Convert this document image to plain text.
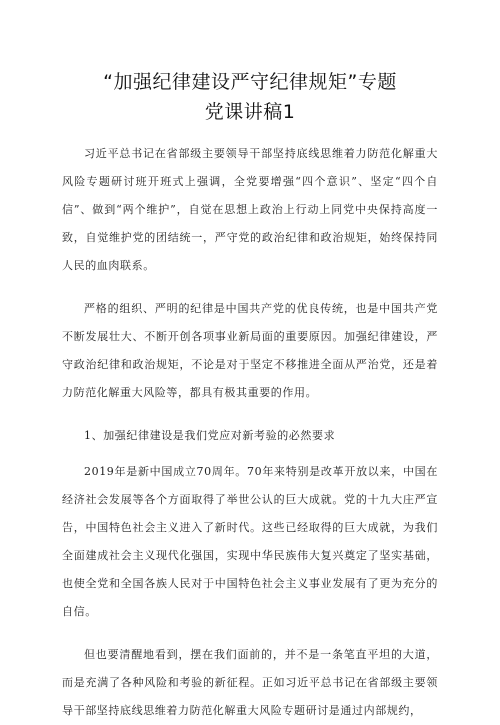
“加强纪律建设严守纪律规矩”专题
党课讲稿1

习近平总书记在省部级主要领导干部坚持底线思维着力防范化解重大风险专题研讨班开班式上强调，全党要增强“四个意识”、坚定“四个自信”、做到“两个维护”，自觉在思想上政治上行动上同党中央保持高度一致，自觉维护党的团结统一，严守党的政治纪律和政治规矩，始终保持同人民的血肉联系。

严格的组织、严明的纪律是中国共产党的优良传统，也是中国共产党不断发展壮大、不断开创各项事业新局面的重要原因。加强纪律建设，严守政治纪律和政治规矩，不论是对于坚定不移推进全面从严治党，还是着力防范化解重大风险等，都具有极其重要的作用。

1、加强纪律建设是我们党应对新考验的必然要求

2019年是新中国成立70周年。70年来特别是改革开放以来，中国在经济社会发展等各个方面取得了举世公认的巨大成就。党的十九大庄严宣告，中国特色社会主义进入了新时代。这些已经取得的巨大成就，为我们全面建成社会主义现代化强国，实现中华民族伟大复兴奠定了坚实基础，也使全党和全国各族人民对于中国特色社会主义事业发展有了更为充分的自信。

但也要清醒地看到，摆在我们面前的，并不是一条笔直平坦的大道，而是充满了各种风险和考验的新征程。正如习近平总书记在省部级主要领导干部坚持底线思维着力防范化解重大风险专题研讨是通过内部规约，
